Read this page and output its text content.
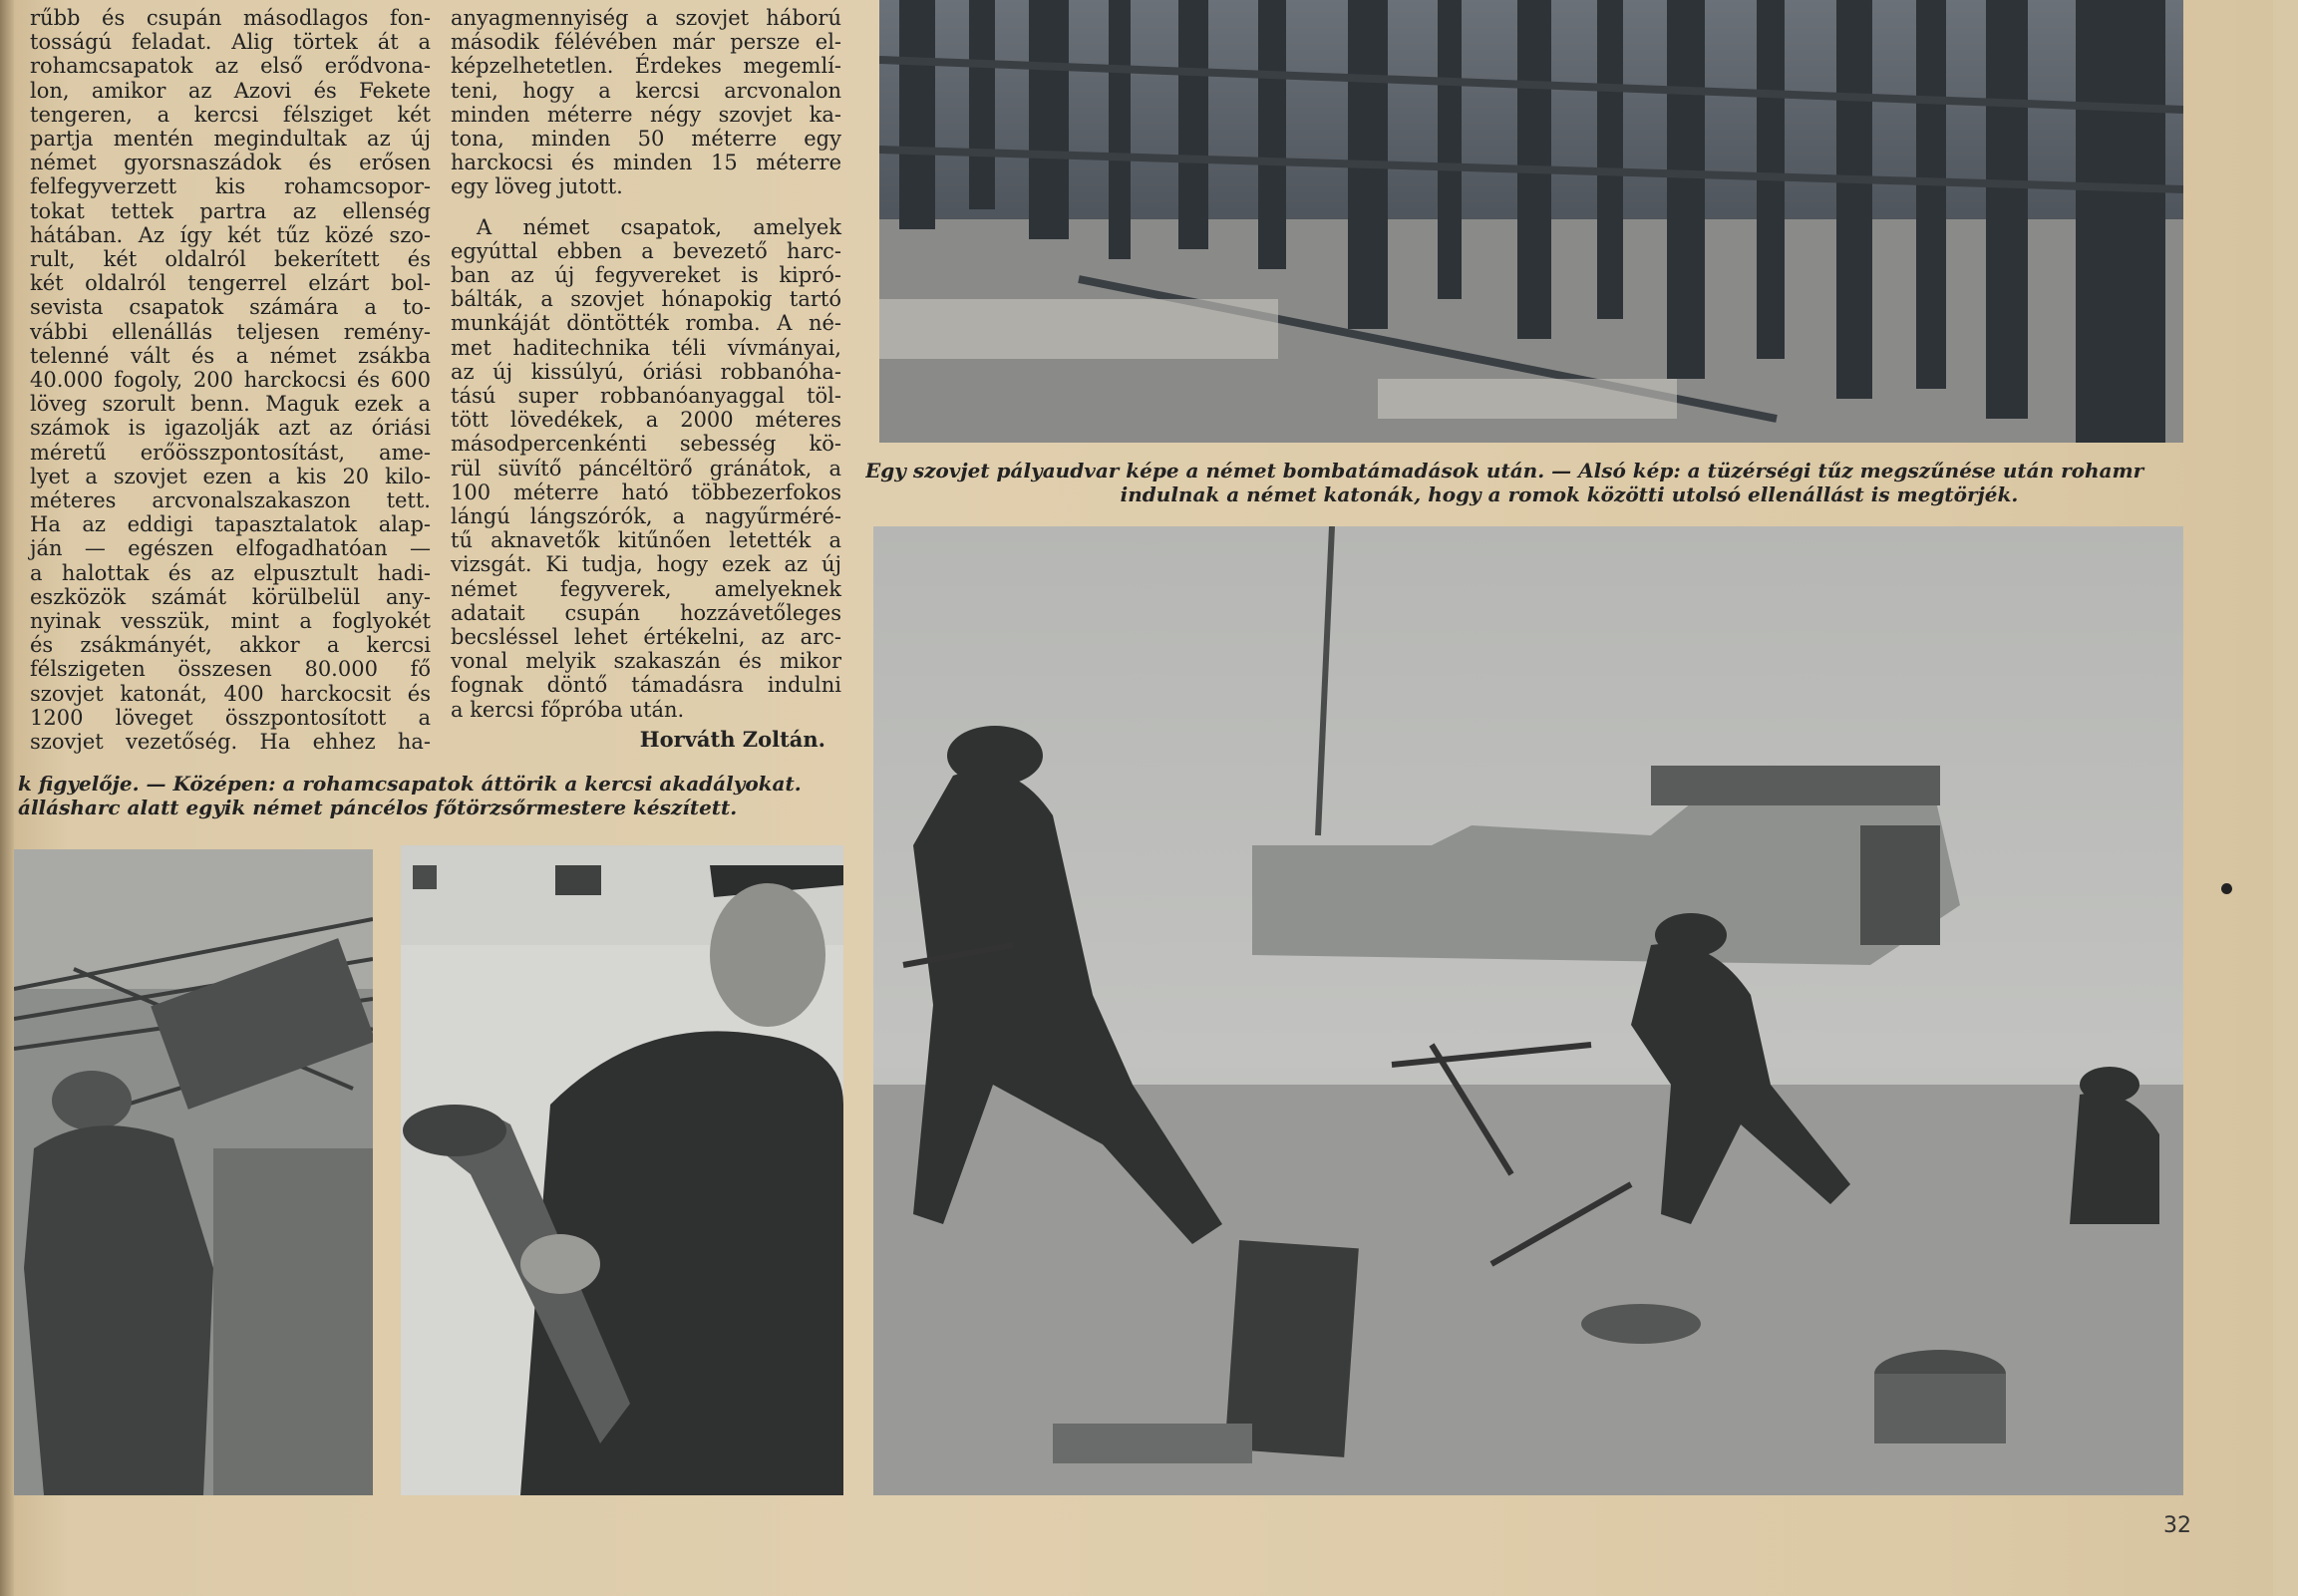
rűbb és csupán másodlagos fon-

tosságú feladat. Alig törtek át a

rohamcsapatok az első erődvona-

lon, amikor az Azovi és Fekete

tengeren, a kercsi félsziget két

partja mentén megindultak az új

német gyorsnaszádok és erősen

felfegyverzett kis rohamcsopor-

tokat tettek partra az ellenség

hátában. Az így két tűz közé szo-

rult, két oldalról bekerített és

két oldalról tengerrel elzárt bol-

sevista csapatok számára a to-

vábbi ellenállás teljesen remény-

telenné vált és a német zsákba

40.000 fogoly, 200 harckocsi és 600

löveg szorult benn. Maguk ezek a

számok is igazolják azt az óriási

méretű erőösszpontosítást, ame-

lyet a szovjet ezen a kis 20 kilo-

méteres arcvonalszakaszon tett.

Ha az eddigi tapasztalatok alap-

ján — egészen elfogadhatóan —

a halottak és az elpusztult hadi-

eszközök számát körülbelül any-

nyinak vesszük, mint a foglyokét

és zsákmányét, akkor a kercsi

félszigeten összesen 80.000 fő

szovjet katonát, 400 harckocsit és

1200 löveget összpontosított a

szovjet vezetőség. Ha ehhez ha-

anyagmennyiség a szovjet háború

második félévében már persze el-

képzelhetetlen. Érdekes megemlí-

teni, hogy a kercsi arcvonalon

minden méterre négy szovjet ka-

tona, minden 50 méterre egy

harckocsi és minden 15 méterre

egy löveg jutott.

A német csapatok, amelyek

egyúttal ebben a bevezető harc-

ban az új fegyvereket is kipró-

bálták, a szovjet hónapokig tartó

munkáját döntötték romba. A né-

met haditechnika téli vívmányai,

az új kissúlyú, óriási robbanóha-

tású super robbanóanyaggal töl-

tött lövedékek, a 2000 méteres

másodpercenkénti sebesség kö-

rül süvítő páncéltörő gránátok, a

100 méterre ható többezerfokos

lángú lángszórók, a nagyűrméré-

tű aknavetők kitűnően letették a

vizsgát. Ki tudja, hogy ezek az új

német fegyverek, amelyeknek

adatait csupán hozzávetőleges

becsléssel lehet értékelni, az arc-

vonal melyik szakaszán és mikor

fognak döntő támadásra indulni

a kercsi főpróba után.

Horváth Zoltán.

k figyelője. — Középen: a rohamcsapatok áttörik a kercsi akadályokat.
állásharc alatt egyik német páncélos főtörzsőrmestere készített.
Egy szovjet pályaudvar képe a német bombatámadások után. — Alsó kép: a tüzérségi tűz megszűnése után rohamr
indulnak a német katonák, hogy a romok közötti utolsó ellenállást is megtörjék.
32
